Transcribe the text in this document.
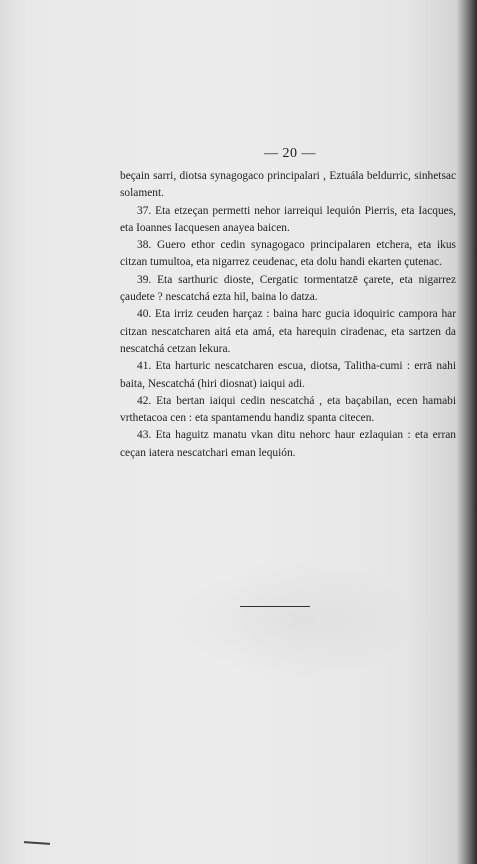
— 20 —

beçain sarri, diotsa synagogaco principalari , Eztuála beldurric, sinhetsac solament.

37. Eta etzeçan permetti nehor iarreiqui lequión Pierris, eta Iacques, eta Ioannes Iacquesen anayea baicen.

38. Guero ethor cedin synagogaco principalaren etchera, eta ikus citzan tumultoa, eta nigarrez ceudenac, eta dolu handi ekarten çutenac.

39. Eta sarthuric dioste, Cergatic tormentatzē çarete, eta nigarrez çaudete ? nescatchá ezta hil, baina lo datza.

40. Eta irriz ceuden harçaz : baina harc gucia idoquiric campora har citzan nescatcharen aitá eta amá, eta harequin ciradenac, eta sartzen da nescatchá cetzan lekura.

41. Eta harturic nescatcharen escua, diotsa, Talitha-cumi : errā nahi baita, Nescatchá (hiri diosnat) iaiqui adi.

42. Eta bertan iaiqui cedin nescatchá , eta baçabilan, ecen hamabi vrthetacoa cen : eta spantamendu handiz spanta citecen.

43. Eta haguitz manatu vkan ditu nehorc haur ezlaquian : eta erran ceçan iatera nescatchari eman lequión.
